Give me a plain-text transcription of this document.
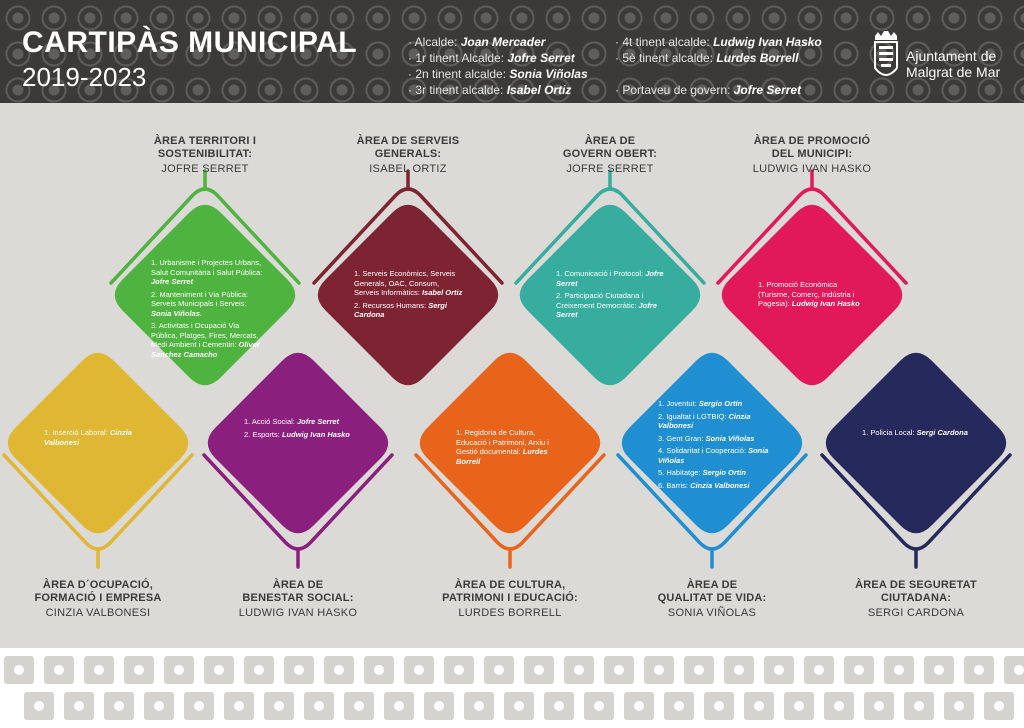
CARTIPÀS MUNICIPAL
2019-2023
· Alcalde: Joan Mercader
· 1r tinent Alcalde: Jofre Serret
· 2n tinent alcalde: Sonia Viñolas
· 3r tinent alcalde: Isabel Ortiz
· 4t tinent alcalde: Ludwig Ivan Hasko
· 5è tinent alcalde: Lurdes Borrell
· Portaveu de govern: Jofre Serret
Ajuntament de
Malgrat de Mar
ÀREA TERRITORI I
SOSTENIBILITAT:
JOFRE SERRET

1. Urbanisme i Projectes Urbans, Salut Comunitària i Salut Pública: Jofre Serret

2. Manteniment i Via Pública: Serveis Municipals i Serveis: Sonia Viñolas.

3. Activitats i Ocupació Via Pública, Platges, Fires, Mercats, Medi Ambient i Cementiri: Oliver Sanchez Camacho

ÀREA DE SERVEIS
GENERALS:
ISABEL ORTIZ

1. Serveis Econòmics, Serveis Generals, OAC, Consum, Serveis Informàtics: Isabel Ortiz

2. Recursos Humans: Sergi Cardona

ÀREA DE
GOVERN OBERT:
JOFRE SERRET

1. Comunicació i Protocol: Jofre Serret

2. Participació Ciutadana i Creixement Democràtic: Jofre Serret

ÀREA DE PROMOCIÓ
DEL MUNICIPI:
LUDWIG IVAN HASKO

1. Promoció Econòmica (Turisme, Comerç, Indústria i Pagesia): Ludwig Ivan Hasko

ÀREA D´OCUPACIÓ,
FORMACIÓ I EMPRESA
CINZIA VALBONESI

1. Inserció Laboral: Cinzia Valbonesi

ÀREA DE
BENESTAR SOCIAL:
LUDWIG IVAN HASKO

1. Acció Social: Jofre Serret

2. Esports: Ludwig Ivan Hasko

ÀREA DE CULTURA,
PATRIMONI I EDUCACIÓ:
LURDES BORRELL

1. Regidoria de Cultura, Educació i Patrimoni, Arxiu i Gestió documental: Lurdes Borrell

ÀREA DE
QUALITAT DE VIDA:
SONIA VIÑOLAS

1. Joventut: Sergio Ortín

2. Igualtat i LGTBIQ: Cinzia Valbonesi

3. Gent Gran: Sonia Viñolas

4. Solidaritat i Cooperació: Sonia Viñolas

5. Habitatge: Sergio Ortín

6. Barris: Cinzia Valbonesi

ÀREA DE SEGURETAT
CIUTADANA:
SERGI CARDONA

1. Policia Local: Sergi Cardona
